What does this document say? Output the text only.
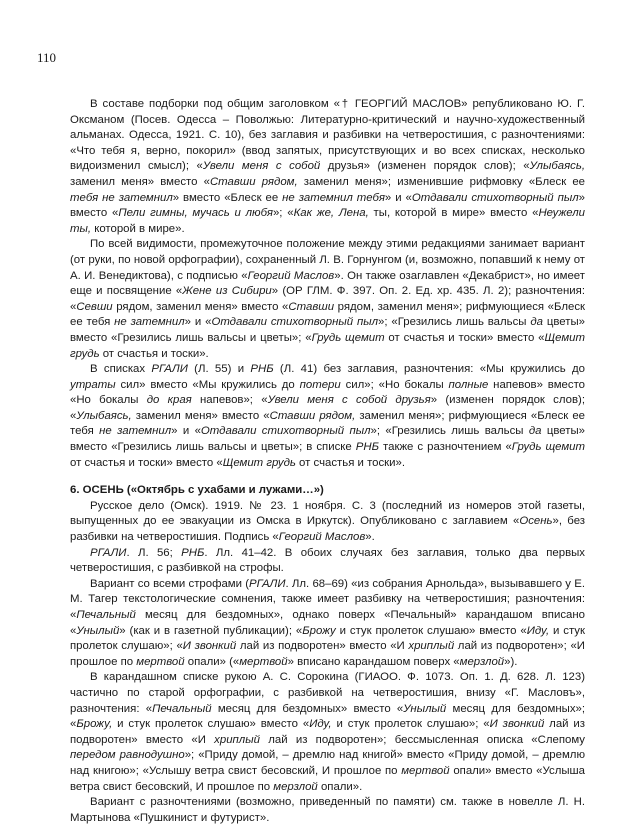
110

В составе подборки под общим заголовком «† ГЕОРГИЙ МАСЛОВ» републиковано Ю. Г. Оксманом (Посев. Одесса – Поволжью: Литературно-критический и научно-художественный альманах. Одесса, 1921. С. 10), без заглавия и разбивки на четверостишия, с разночтениями: «Что тебя я, верно, покорил» (ввод запятых, присутствующих и во всех списках, несколько видоизменил смысл); «Увели меня с собой друзья» (изменен порядок слов); «Улыбаясь, заменил меня» вместо «Ставши рядом, заменил меня»; изменившие рифмовку «Блеск ее тебя не затемнил» вместо «Блеск ее не затемнил тебя» и «Отдавали стихотворный пыл» вместо «Пели гимны, мучась и любя»; «Как же, Лена, ты, которой в мире» вместо «Неужели ты, которой в мире».

По всей видимости, промежуточное положение между этими редакциями занимает вариант (от руки, по новой орфографии), сохраненный Л. В. Горнунгом (и, возможно, попавший к нему от А. И. Венедиктова), с подписью «Георгий Маслов». Он также озаглавлен «Декабрист», но имеет еще и посвящение «Жене из Сибири» (ОР ГЛМ. Ф. 397. Оп. 2. Ед. хр. 435. Л. 2); разночтения: «Севши рядом, заменил меня» вместо «Ставши рядом, заменил меня»; рифмующиеся «Блеск ее тебя не затемнил» и «Отдавали стихотворный пыл»; «Грезились лишь вальсы да цветы» вместо «Грезились лишь вальсы и цветы»; «Грудь щемит от счастья и тоски» вместо «Щемит грудь от счастья и тоски».

В списках РГАЛИ (Л. 55) и РНБ (Л. 41) без заглавия, разночтения: «Мы кружились до утраты сил» вместо «Мы кружились до потери сил»; «Но бокалы полные напевов» вместо «Но бокалы до края напевов»; «Увели меня с собой друзья» (изменен порядок слов); «Улыбаясь, заменил меня» вместо «Ставши рядом, заменил меня»; рифмующиеся «Блеск ее тебя не затемнил» и «Отдавали стихотворный пыл»; «Грезились лишь вальсы да цветы» вместо «Грезились лишь вальсы и цветы»; в списке РНБ также с разночтением «Грудь щемит от счастья и тоски» вместо «Щемит грудь от счастья и тоски».

6. ОСЕНЬ («Октябрь с ухабами и лужами…»)

Русское дело (Омск). 1919. № 23. 1 ноября. С. 3 (последний из номеров этой газеты, выпущенных до ее эвакуации из Омска в Иркутск). Опубликовано с заглавием «Осень», без разбивки на четверостишия. Подпись «Георгий Маслов».

РГАЛИ. Л. 56; РНБ. Лл. 41–42. В обоих случаях без заглавия, только два первых четверостишия, с разбивкой на строфы.

Вариант со всеми строфами (РГАЛИ. Лл. 68–69) «из собрания Арнольда», вызывавшего у Е. М. Тагер текстологические сомнения, также имеет разбивку на четверостишия; разночтения: «Печальный месяц для бездомных», однако поверх «Печальный» карандашом вписано «Унылый» (как и в газетной публикации); «Брожу и стук пролеток слушаю» вместо «Иду, и стук пролеток слушаю»; «И звонкий лай из подворотен» вместо «И хриплый лай из подворотен»; «И прошлое по мертвой опали» («мертвой» вписано карандашом поверх «мерзлой»).

В карандашном списке рукою А. С. Сорокина (ГИАОО. Ф. 1073. Оп. 1. Д. 628. Л. 123) частично по старой орфографии, с разбивкой на четверостишия, внизу «Г. Масловъ», разночтения: «Печальный месяц для бездомных» вместо «Унылый месяц для бездомных»; «Брожу, и стук пролеток слушаю» вместо «Иду, и стук пролеток слушаю»; «И звонкий лай из подворотен» вместо «И хриплый лай из подворотен»; бессмысленная описка «Слепому передом равнодушно»; «Приду домой, – дремлю над книгой» вместо «Приду домой, – дремлю над книгою»; «Услышу ветра свист бесовский, И прошлое по мертвой опали» вместо «Услыша ветра свист бесовский, И прошлое по мерзлой опали».

Вариант с разночтениями (возможно, приведенный по памяти) см. также в новелле Л. Н. Мартынова «Пушкинист и футурист».
